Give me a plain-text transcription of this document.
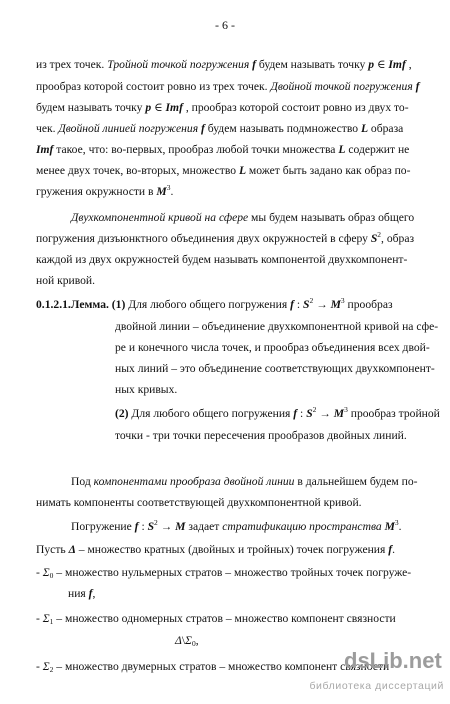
- 6 -
из трех точек. Тройной точкой погружения f будем называть точку p ∈ Imf ,
прообраз которой состоит ровно из трех точек. Двойной точкой погружения f
будем называть точку p ∈ Imf , прообраз которой состоит ровно из двух то-
чек. Двойной линией погружения f будем называть подмножество L образа
Imf такое, что: во-первых, прообраз любой точки множества L содержит не
менее двух точек, во-вторых, множество L может быть задано как образ по-
гружения окружности в $M^3$.
Двухкомпонентной кривой на сфере мы будем называть образ общего
погружения дизъюнктного объединения двух окружностей в сферу $S^2$, образ
каждой из двух окружностей будем называть компонентой двухкомпонент-
ной кривой.
0.1.2.1.Лемма. (1) Для любого общего погружения f : $S^2 \to M^3$ прообраз
двойной линии – объединение двухкомпонентной кривой на сфе-
ре и конечного числа точек, и прообраз объединения всех двой-
ных линий – это объединение соответствующих двухкомпонент-
ных кривых.
(2) Для любого общего погружения f : $S^2 \to M^3$ прообраз тройной
точки - три точки пересечения прообразов двойных линий.
Под компонентами прообраза двойной линии в дальнейшем будем по-
нимать компоненты соответствующей двухкомпонентной кривой.
Погружение f : $S^2 \to M$ задает стратификацию пространства $M^3$.
Пусть Δ – множество кратных (двойных и тройных) точек погружения f.
- $\Sigma_0$ – множество нульмерных стратов – множество тройных точек погруже-
ния f,
- $\Sigma_1$ – множество одномерных стратов – множество компонент связности
$\Delta\backslash\Sigma_0$,
- $\Sigma_2$ – множество двумерных стратов – множество компонент связности
dsLib.net
библиотека диссертаций
